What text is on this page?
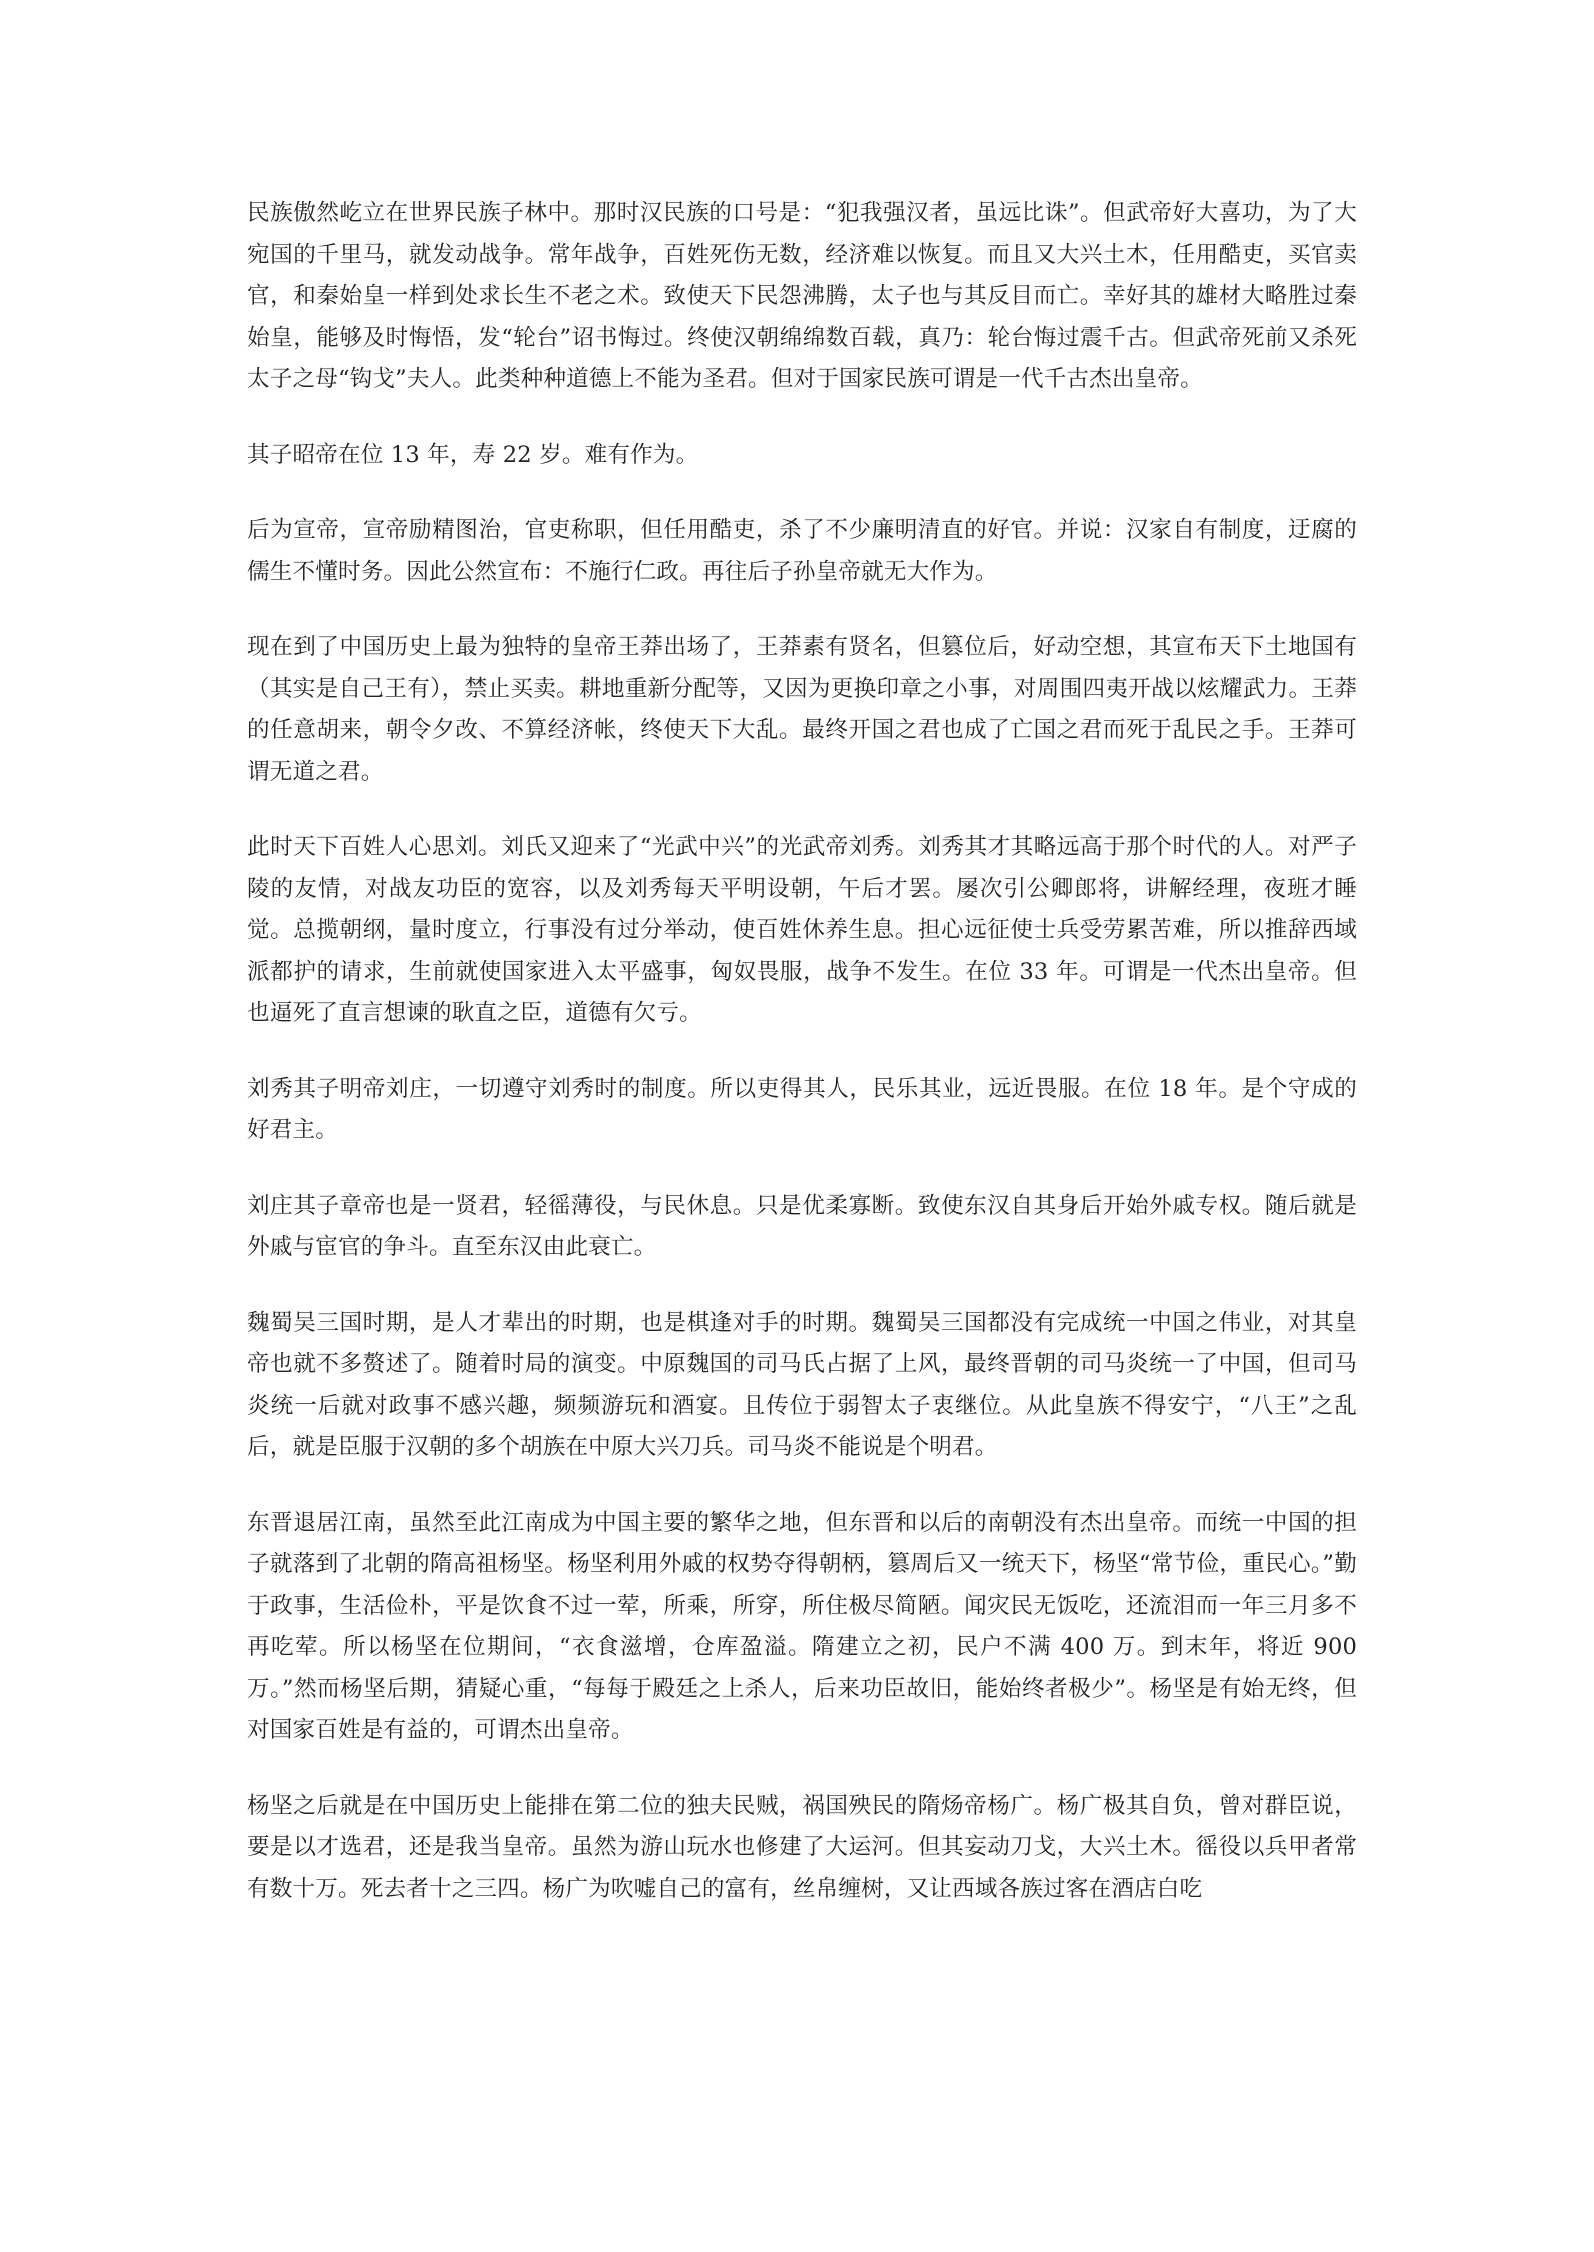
民族傲然屹立在世界民族子林中。那时汉民族的口号是：“犯我强汉者，虽远比诛”。但武帝好大喜功，为了大宛国的千里马，就发动战争。常年战争，百姓死伤无数，经济难以恢复。而且又大兴土木，任用酷吏，买官卖官，和秦始皇一样到处求长生不老之术。致使天下民怨沸腾，太子也与其反目而亡。幸好其的雄材大略胜过秦始皇，能够及时悔悟，发“轮台”诏书悔过。终使汉朝绵绵数百载，真乃：轮台悔过震千古。但武帝死前又杀死太子之母“钩戈”夫人。此类种种道德上不能为圣君。但对于国家民族可谓是一代千古杰出皇帝。

其子昭帝在位 13 年，寿 22 岁。难有作为。

后为宣帝，宣帝励精图治，官吏称职，但任用酷吏，杀了不少廉明清直的好官。并说：汉家自有制度，迂腐的儒生不懂时务。因此公然宣布：不施行仁政。再往后子孙皇帝就无大作为。

现在到了中国历史上最为独特的皇帝王莽出场了，王莽素有贤名，但篡位后，好动空想，其宣布天下土地国有（其实是自己王有），禁止买卖。耕地重新分配等，又因为更换印章之小事，对周围四夷开战以炫耀武力。王莽的任意胡来，朝令夕改、不算经济帐，终使天下大乱。最终开国之君也成了亡国之君而死于乱民之手。王莽可谓无道之君。

此时天下百姓人心思刘。刘氏又迎来了“光武中兴”的光武帝刘秀。刘秀其才其略远高于那个时代的人。对严子陵的友情，对战友功臣的宽容，以及刘秀每天平明设朝，午后才罢。屡次引公卿郎将，讲解经理，夜班才睡觉。总揽朝纲，量时度立，行事没有过分举动，使百姓休养生息。担心远征使士兵受劳累苦难，所以推辞西域派都护的请求，生前就使国家进入太平盛事，匈奴畏服，战争不发生。在位 33 年。可谓是一代杰出皇帝。但也逼死了直言想谏的耿直之臣，道德有欠亏。

刘秀其子明帝刘庄，一切遵守刘秀时的制度。所以吏得其人，民乐其业，远近畏服。在位 18 年。是个守成的好君主。

刘庄其子章帝也是一贤君，轻徭薄役，与民休息。只是优柔寡断。致使东汉自其身后开始外戚专权。随后就是外戚与宦官的争斗。直至东汉由此衰亡。

魏蜀吴三国时期，是人才辈出的时期，也是棋逢对手的时期。魏蜀吴三国都没有完成统一中国之伟业，对其皇帝也就不多赘述了。随着时局的演变。中原魏国的司马氏占据了上风，最终晋朝的司马炎统一了中国，但司马炎统一后就对政事不感兴趣，频频游玩和酒宴。且传位于弱智太子衷继位。从此皇族不得安宁，“八王”之乱后，就是臣服于汉朝的多个胡族在中原大兴刀兵。司马炎不能说是个明君。

东晋退居江南，虽然至此江南成为中国主要的繁华之地，但东晋和以后的南朝没有杰出皇帝。而统一中国的担子就落到了北朝的隋高祖杨坚。杨坚利用外戚的权势夺得朝柄，篡周后又一统天下，杨坚“常节俭，重民心。”勤于政事，生活俭朴，平是饮食不过一荤，所乘，所穿，所住极尽简陋。闻灾民无饭吃，还流泪而一年三月多不再吃荤。所以杨坚在位期间，“衣食滋增，仓库盈溢。隋建立之初，民户不满 400 万。到末年，将近 900 万。”然而杨坚后期，猜疑心重，“每每于殿廷之上杀人，后来功臣故旧，能始终者极少”。杨坚是有始无终，但对国家百姓是有益的，可谓杰出皇帝。

杨坚之后就是在中国历史上能排在第二位的独夫民贼，祸国殃民的隋炀帝杨广。杨广极其自负，曾对群臣说，要是以才选君，还是我当皇帝。虽然为游山玩水也修建了大运河。但其妄动刀戈，大兴土木。徭役以兵甲者常有数十万。死去者十之三四。杨广为吹嘘自己的富有，丝帛缠树，又让西域各族过客在酒店白吃
